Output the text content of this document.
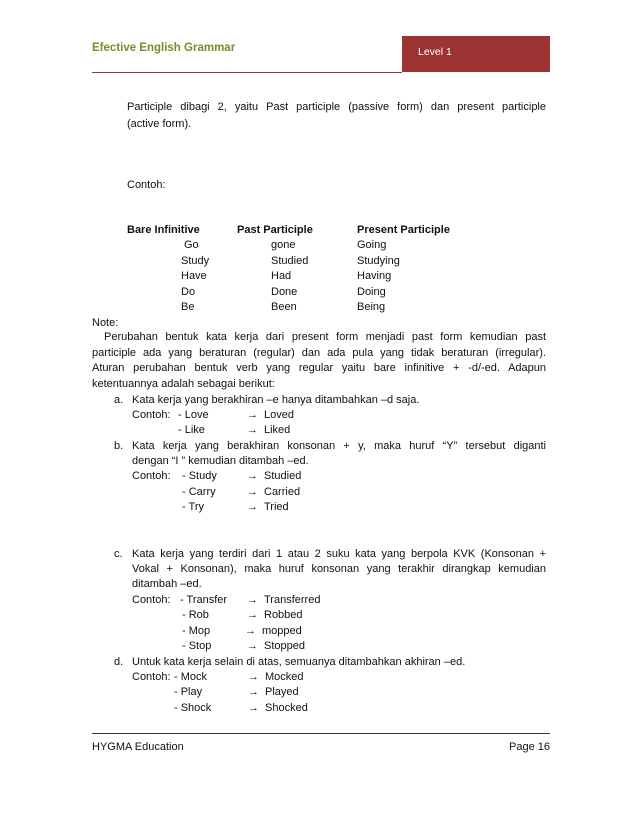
Efective English Grammar	Level 1
Participle dibagi 2, yaitu Past participle (passive form) dan present participle
(active form).
Contoh:
Bare Infinitive	Past Participle	Present Participle
Go	gone	Going
Study	Studied	Studying
Have	Had	Having
Do	Done	Doing
Be	Been	Being
Note:
Perubahan bentuk kata kerja dari present form menjadi past form kemudian past
participle ada yang beraturan (regular) dan ada pula yang tidak beraturan (irregular).
Aturan perubahan bentuk verb yang regular yaitu bare infinitive + -d/-ed. Adapun
ketentuannya adalah sebagai berikut:
a. Kata kerja yang berakhiran –e hanya ditambahkan –d saja.
Contoh: - Love	→ Loved
- Like	→ Liked
b. Kata kerja yang berakhiran konsonan + y, maka huruf “Y” tersebut diganti
dengan “I ” kemudian ditambah –ed.
Contoh: - Study	→ Studied
- Carry	→ Carried
- Try	→ Tried
c. Kata kerja yang terdiri dari 1 atau 2 suku kata yang berpola KVK (Konsonan +
Vokal + Konsonan), maka huruf konsonan yang terakhir dirangkap kemudian
ditambah –ed.
Contoh: - Transfer → Transferred
- Rob	→ Robbed
- Mop	→ mopped
- Stop	→ Stopped
d. Untuk kata kerja selain di atas, semuanya ditambahkan akhiran –ed.
Contoh: - Mock	→ Mocked
- Play	→ Played
- Shock	→ Shocked
HYGMA Education	Page 16
